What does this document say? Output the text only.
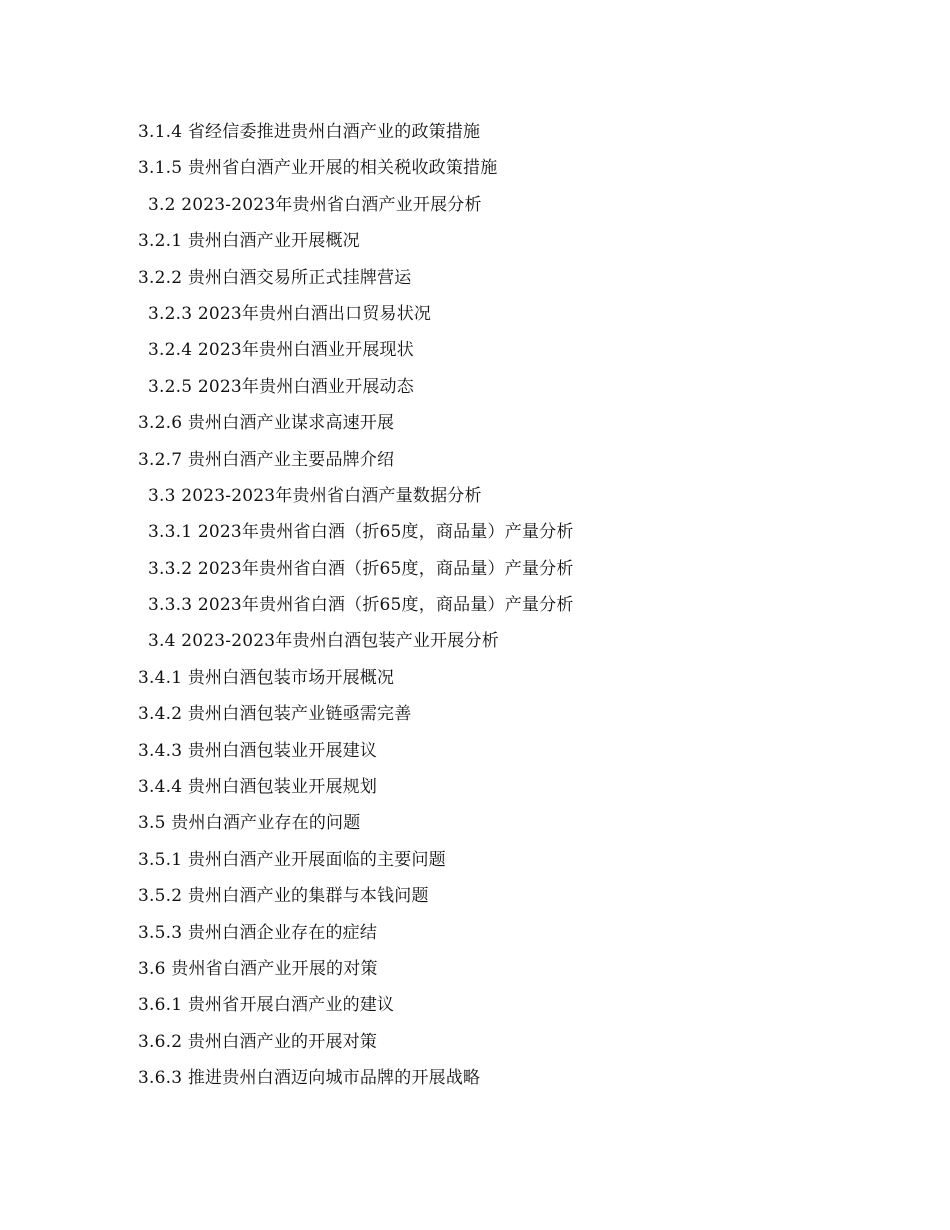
3.1.4 省经信委推进贵州白酒产业的政策措施
3.1.5 贵州省白酒产业开展的相关税收政策措施
3.2 2023-2023年贵州省白酒产业开展分析
3.2.1 贵州白酒产业开展概况
3.2.2 贵州白酒交易所正式挂牌营运
3.2.3 2023年贵州白酒出口贸易状况
3.2.4 2023年贵州白酒业开展现状
3.2.5 2023年贵州白酒业开展动态
3.2.6 贵州白酒产业谋求高速开展
3.2.7 贵州白酒产业主要品牌介绍
3.3 2023-2023年贵州省白酒产量数据分析
3.3.1 2023年贵州省白酒（折65度，商品量）产量分析
3.3.2 2023年贵州省白酒（折65度，商品量）产量分析
3.3.3 2023年贵州省白酒（折65度，商品量）产量分析
3.4 2023-2023年贵州白酒包装产业开展分析
3.4.1 贵州白酒包装市场开展概况
3.4.2 贵州白酒包装产业链亟需完善
3.4.3 贵州白酒包装业开展建议
3.4.4 贵州白酒包装业开展规划
3.5 贵州白酒产业存在的问题
3.5.1 贵州白酒产业开展面临的主要问题
3.5.2 贵州白酒产业的集群与本钱问题
3.5.3 贵州白酒企业存在的症结
3.6 贵州省白酒产业开展的对策
3.6.1 贵州省开展白酒产业的建议
3.6.2 贵州白酒产业的开展对策
3.6.3 推进贵州白酒迈向城市品牌的开展战略
